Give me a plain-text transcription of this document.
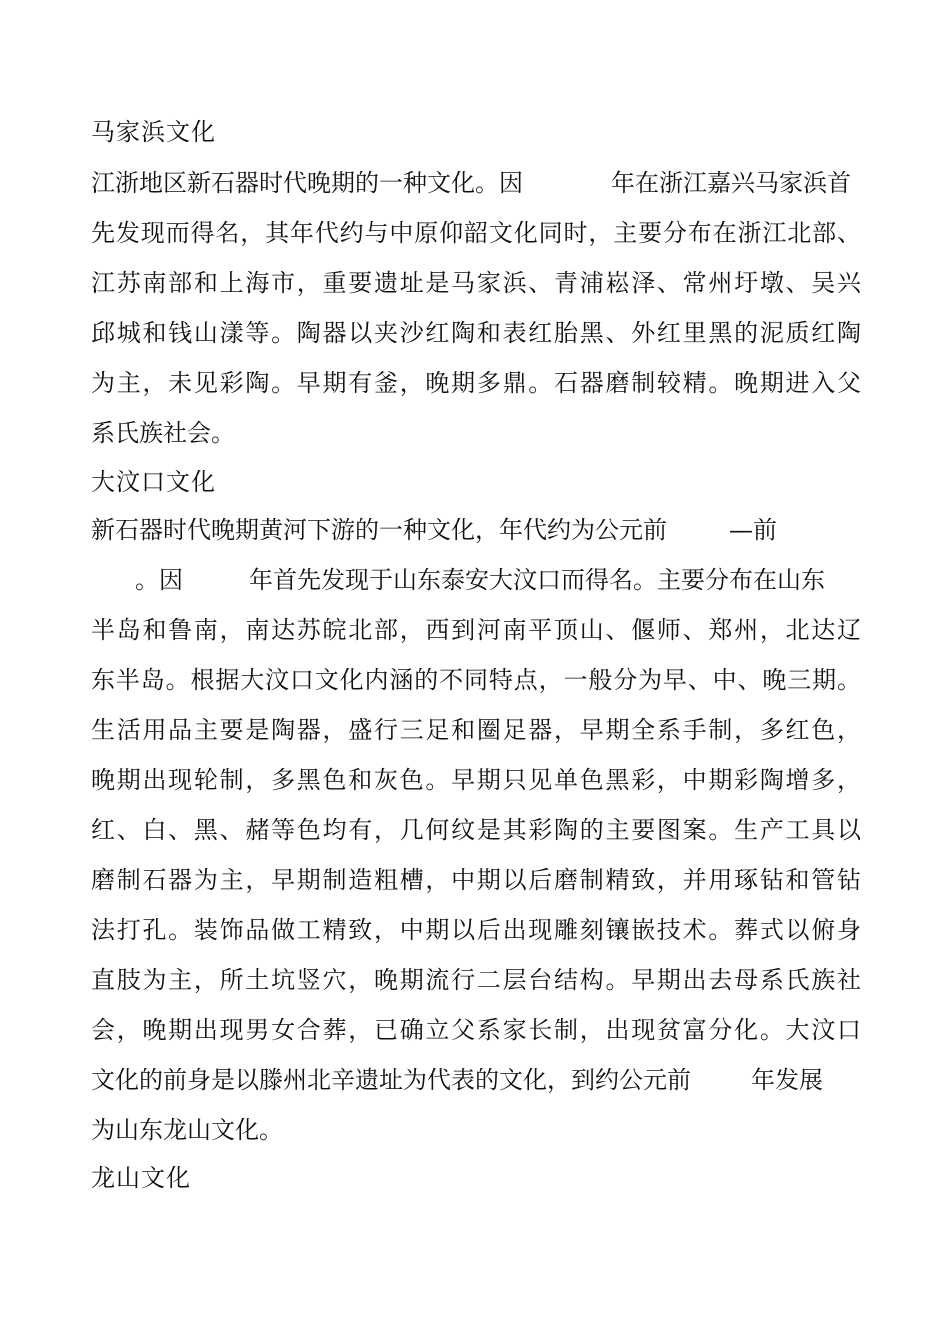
马家浜文化
江浙地区新石器时代晚期的一种文化。因	年在浙江嘉兴马家浜首
先发现而得名，其年代约与中原仰韶文化同时，主要分布在浙江北部、
江苏南部和上海市，重要遗址是马家浜、青浦崧泽、常州圩墩、吴兴
邱城和钱山漾等。陶器以夹沙红陶和表红胎黑、外红里黑的泥质红陶
为主，未见彩陶。早期有釜，晚期多鼎。石器磨制较精。晚期进入父
系氏族社会。
大汶口文化
新石器时代晚期黄河下游的一种文化，年代约为公元前	—前
。因	年首先发现于山东泰安大汶口而得名。主要分布在山东
半岛和鲁南，南达苏皖北部，西到河南平顶山、偃师、郑州，北达辽
东半岛。根据大汶口文化内涵的不同特点，一般分为早、中、晚三期。
生活用品主要是陶器，盛行三足和圈足器，早期全系手制，多红色，
晚期出现轮制，多黑色和灰色。早期只见单色黑彩，中期彩陶增多，
红、白、黑、赭等色均有，几何纹是其彩陶的主要图案。生产工具以
磨制石器为主，早期制造粗槽，中期以后磨制精致，并用琢钻和管钻
法打孔。装饰品做工精致，中期以后出现雕刻镶嵌技术。葬式以俯身
直肢为主，所土坑竖穴，晚期流行二层台结构。早期出去母系氏族社
会，晚期出现男女合葬，已确立父系家长制，出现贫富分化。大汶口
文化的前身是以滕州北辛遗址为代表的文化，到约公元前	年发展
为山东龙山文化。
龙山文化
